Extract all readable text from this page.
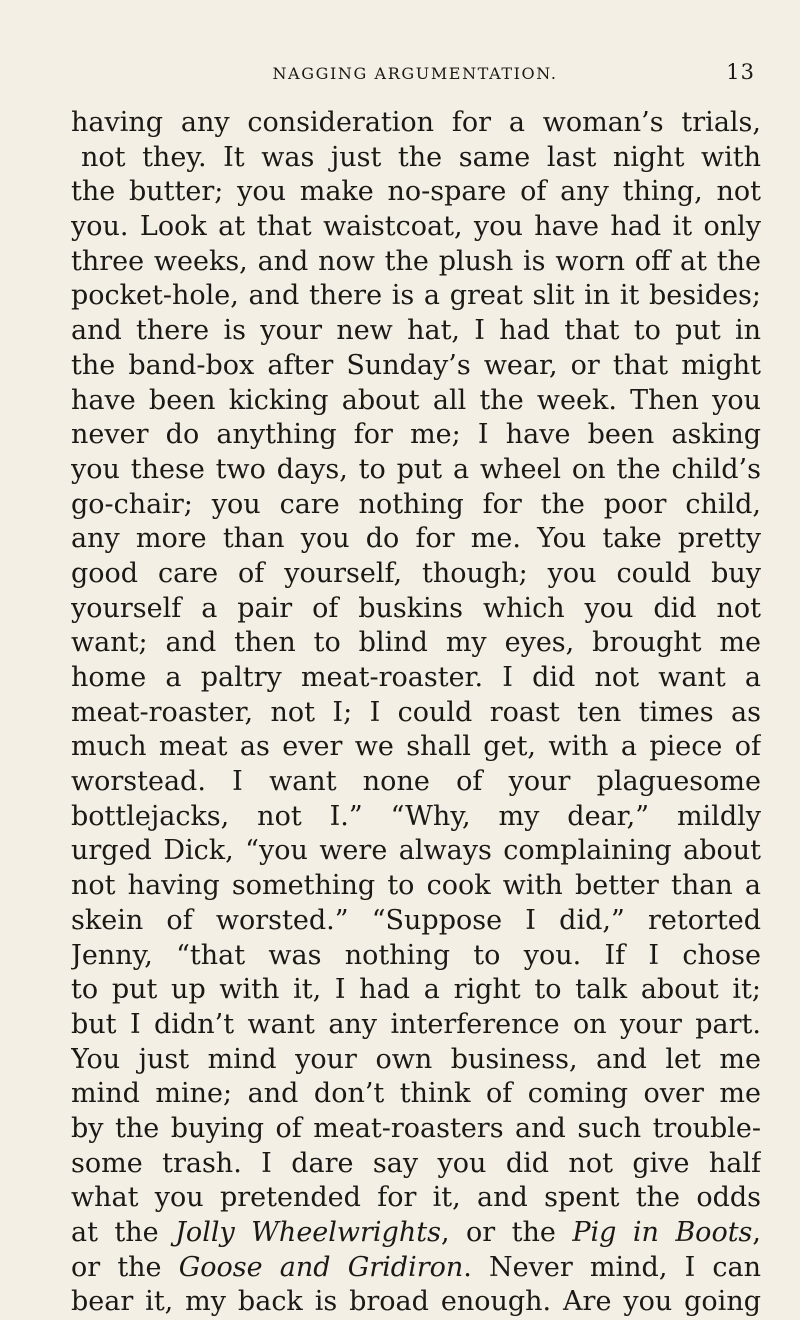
NAGGING ARGUMENTATION.	13
having any consideration for a woman’s trials,
not they. It was just the same last night with
the butter; you make no-spare of any thing, not
you. Look at that waistcoat, you have had it only
three weeks, and now the plush is worn off at the
pocket-hole, and there is a great slit in it besides;
and there is your new hat, I had that to put in
the band-box after Sunday’s wear, or that might
have been kicking about all the week. Then you
never do anything for me; I have been asking
you these two days, to put a wheel on the child’s
go-chair; you care nothing for the poor child,
any more than you do for me. You take pretty
good care of yourself, though; you could buy
yourself a pair of buskins which you did not
want; and then to blind my eyes, brought me
home a paltry meat-roaster. I did not want a
meat-roaster, not I; I could roast ten times as
much meat as ever we shall get, with a piece of
worstead. I want none of your plaguesome
bottlejacks, not I.” “Why, my dear,” mildly
urged Dick, “you were always complaining about
not having something to cook with better than a
skein of worsted.” “Suppose I did,” retorted
Jenny, “that was nothing to you. If I chose
to put up with it, I had a right to talk about it;
but I didn’t want any interference on your part.
You just mind your own business, and let me
mind mine; and don’t think of coming over me
by the buying of meat-roasters and such trouble-
some trash. I dare say you did not give half
what you pretended for it, and spent the odds
at the Jolly Wheelwrights, or the Pig in Boots,
or the Goose and Gridiron. Never mind, I can
bear it, my back is broad enough. Are you going
